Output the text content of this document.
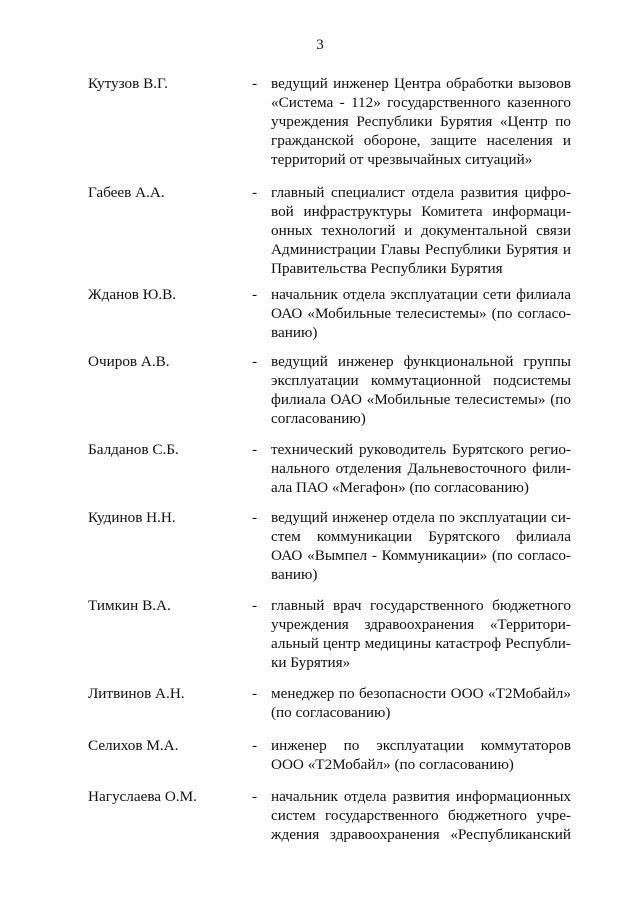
3
Кутузов В.Г.	- ведущий инженер Центра обработки вызовов
«Система - 112» государственного казенного
учреждения Республики Бурятия «Центр по
гражданской обороне, защите населения и
территорий от чрезвычайных ситуаций»
Габеев А.А.	- главный специалист отдела развития цифро-
вой инфраструктуры Комитета информаци-
онных технологий и документальной связи
Администрации Главы Республики Бурятия и
Правительства Республики Бурятия
Жданов Ю.В.	- начальник отдела эксплуатации сети филиала
ОАО «Мобильные телесистемы» (по согласо-
ванию)
Очиров А.В.	- ведущий инженер функциональной группы
эксплуатации коммутационной подсистемы
филиала ОАО «Мобильные телесистемы» (по
согласованию)
Балданов С.Б.	- технический руководитель Бурятского регио-
нального отделения Дальневосточного фили-
ала ПАО «Мегафон» (по согласованию)
Кудинов Н.Н.	- ведущий инженер отдела по эксплуатации си-
стем коммуникации Бурятского филиала
ОАО «Вымпел - Коммуникации» (по согласо-
ванию)
Тимкин В.А.	- главный врач государственного бюджетного
учреждения здравоохранения «Территори-
альный центр медицины катастроф Республи-
ки Бурятия»
Литвинов А.Н.	- менеджер по безопасности ООО «Т2Мобайл»
(по согласованию)
Селихов М.А.	- инженер по эксплуатации коммутаторов
ООО «Т2Мобайл» (по согласованию)
Нагуслаева О.М.	- начальник отдела развития информационных
систем государственного бюджетного учре-
ждения здравоохранения «Республиканский
